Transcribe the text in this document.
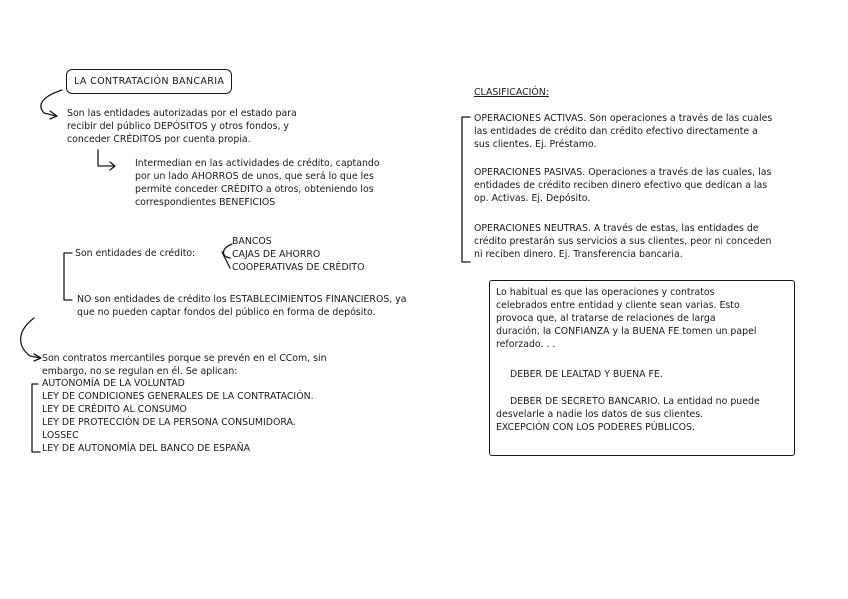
LA CONTRATACIÓN BANCARIA
Son las entidades autorizadas por el estado para
recibir del público DEPÓSITOS y otros fondos, y
conceder CRÉDITOS por cuenta propia.
Intermedian en las actividades de crédito, captando
por un lado AHORROS de unos, que será lo que les
permite conceder CRÉDITO a otros, obteniendo los
correspondientes BENEFICIOS
Son entidades de crédito:
BANCOS
CAJAS DE AHORRO
COOPERATIVAS DE CRÉDITO
NO son entidades de crédito los ESTABLECIMIENTOS FINANCIEROS, ya
que no pueden captar fondos del público en forma de depósito.
Son contratos mercantiles porque se prevén en el CCom, sin
embargo, no se regulan en él. Se aplican:
AUTONOMÍA DE LA VOLUNTAD
LEY DE CONDICIONES GENERALES DE LA CONTRATACIÓN.
LEY DE CRÉDITO AL CONSUMO
LEY DE PROTECCIÓN DE LA PERSONA CONSUMIDORA.
LOSSEC
LEY DE AUTONOMÍA DEL BANCO DE ESPAÑA
CLASIFICACIÓN:
OPERACIONES ACTIVAS. Son operaciones a través de las cuales
las entidades de crédito dan crédito efectivo directamente a
sus clientes. Ej. Préstamo.
OPERACIONES PASIVAS. Operaciones a través de las cuales, las
entidades de crédito reciben dinero efectivo que dedican a las
op. Activas. Ej. Depósito.
OPERACIONES NEUTRAS. A través de estas, las entidades de
crédito prestarán sus servicios a sus clientes, peor ni conceden
ni reciben dinero. Ej. Transferencia bancaria.
Lo habitual es que las operaciones y contratos
celebrados entre entidad y cliente sean varias. Esto
provoca que, al tratarse de relaciones de larga
duración, la CONFIANZA y la BUENA FE tomen un papel
reforzado. . .
DEBER DE LEALTAD Y BUENA FE.
DEBER DE SECRETO BANCARIO. La entidad no puede
desvelarle a nadie los datos de sus clientes.
EXCEPCIÓN CON LOS PODERES PÚBLICOS.
